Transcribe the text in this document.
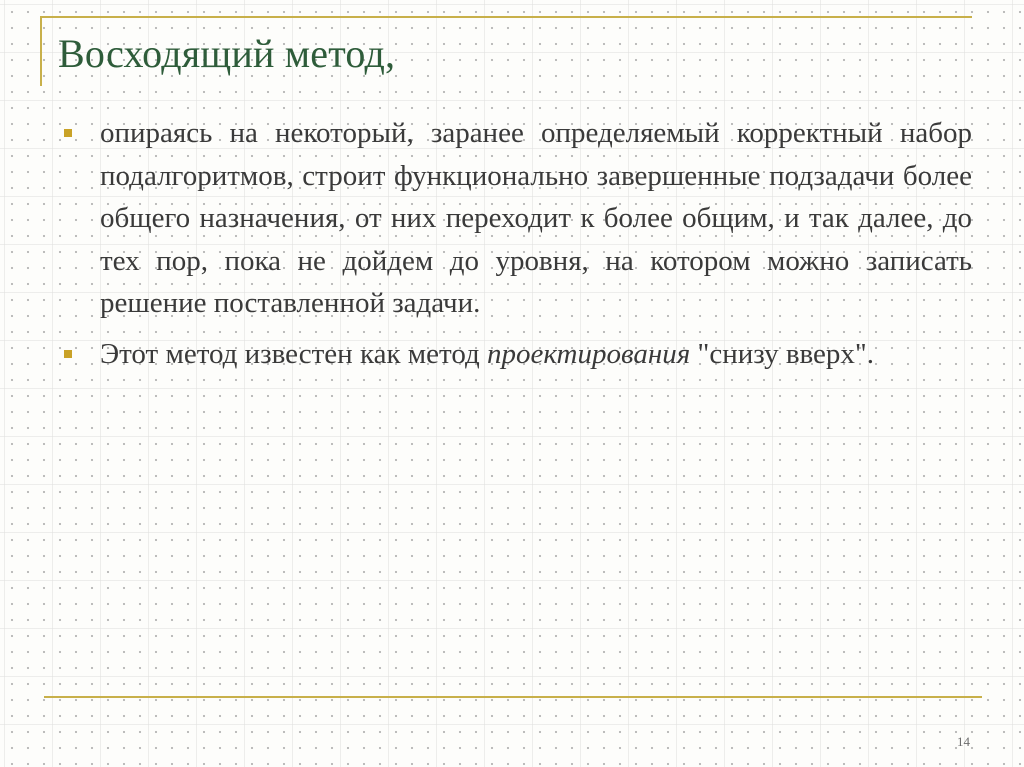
Восходящий метод,
опираясь на некоторый, заранее определяемый корректный набор подалгоритмов, строит функционально завершенные подзадачи более общего назначения, от них переходит к более общим, и так далее, до тех пор, пока не дойдем до уровня, на котором можно записать решение поставленной задачи.
Этот метод известен как метод проектирования "снизу вверх".
14
